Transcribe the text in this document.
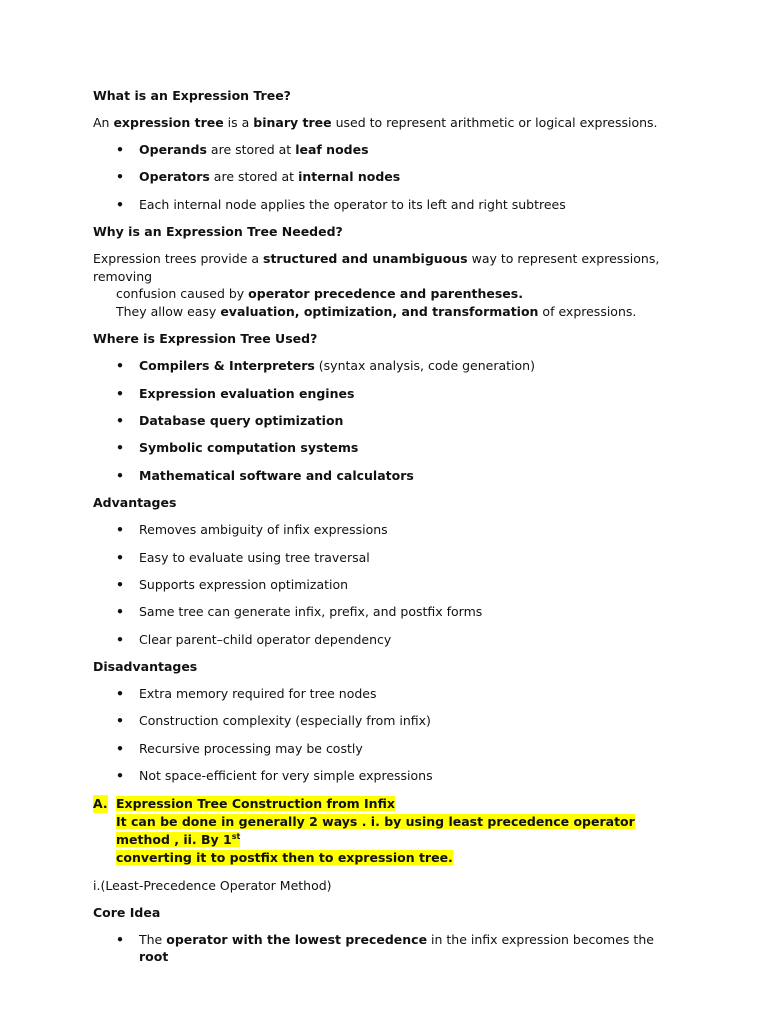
What is an Expression Tree?
An expression tree is a binary tree used to represent arithmetic or logical expressions.
• Operands are stored at leaf nodes
• Operators are stored at internal nodes
• Each internal node applies the operator to its left and right subtrees
Why is an Expression Tree Needed?
Expression trees provide a structured and unambiguous way to represent expressions, removing
confusion caused by operator precedence and parentheses.
They allow easy evaluation, optimization, and transformation of expressions.
Where is Expression Tree Used?
• Compilers & Interpreters (syntax analysis, code generation)
• Expression evaluation engines
• Database query optimization
• Symbolic computation systems
• Mathematical software and calculators
Advantages
• Removes ambiguity of infix expressions
• Easy to evaluate using tree traversal
• Supports expression optimization
• Same tree can generate infix, prefix, and postfix forms
• Clear parent–child operator dependency
Disadvantages
• Extra memory required for tree nodes
• Construction complexity (especially from infix)
• Recursive processing may be costly
• Not space-efficient for very simple expressions
A. Expression Tree Construction from Infix
It can be done in generally 2 ways . i. by using least precedence operator method , ii. By 1st
converting it to postfix then to expression tree.
i.(Least-Precedence Operator Method)
Core Idea
• The operator with the lowest precedence in the infix expression becomes the root
